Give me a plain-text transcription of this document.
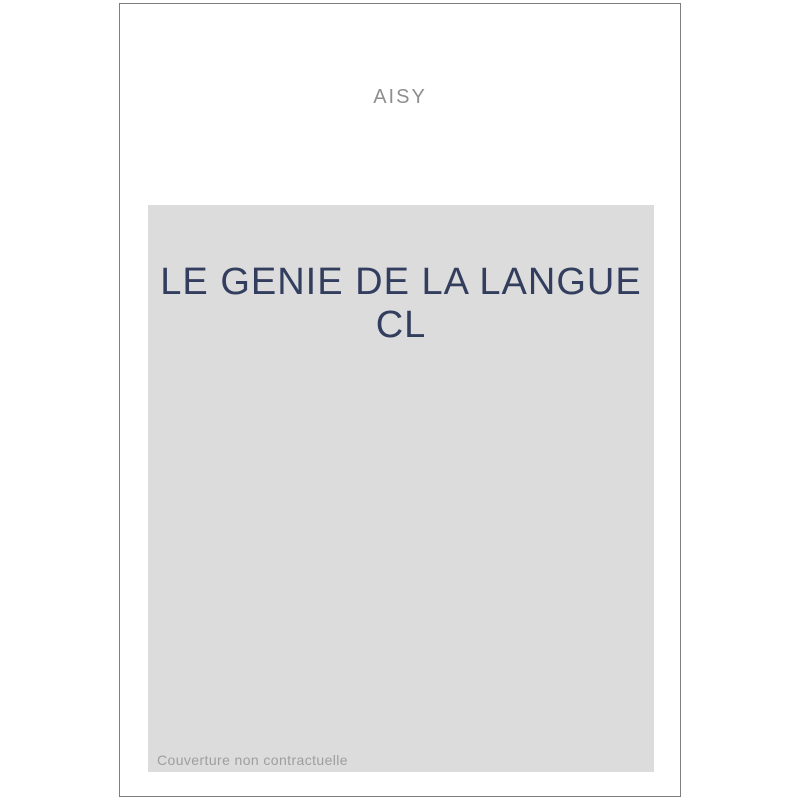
AISY
LE GENIE DE LA LANGUE CL
Couverture non contractuelle
